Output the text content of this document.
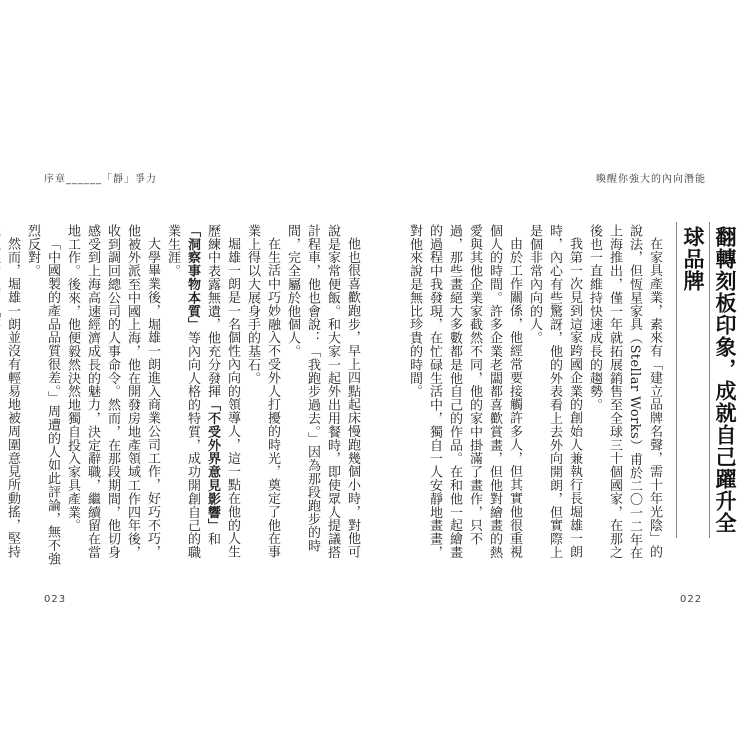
序章______「靜」爭力	喚醒你強大的內向潛能
翻轉刻板印象，成就自己躍升全球品牌

在家具產業，素來有「建立品牌名聲，需十年光陰」的說法，但恆星家具（Stellar Works）甫於二〇一二年在上海推出，僅一年就拓展銷售至全球三十個國家，在那之後也一直維持快速成長的趨勢。

我第一次見到這家跨國企業的創始人兼執行長堀雄一朗時，內心有些驚訝，他的外表看上去外向開朗，但實際上是個非常內向的人。

由於工作關係，他經常要接觸許多人，但其實他很重視個人的時間。許多企業老闆都喜歡賞畫，但他對繪畫的熱愛與其他企業家截然不同，他的家中掛滿了畫作，只不過，那些畫絕大多數都是他自己的作品。在和他一起繪畫的過程中我發現，在忙碌生活中，獨自一人安靜地畫畫，對他來說是無比珍貴的時間。

他也很喜歡跑步，早上四點起床慢跑幾個小時，對他可說是家常便飯。和大家一起外出用餐時，即使眾人提議搭計程車，他也會說：「我跑步過去。」因為那段跑步的時間，完全屬於他個人。

在生活中巧妙融入不受外人打擾的時光，奠定了他在事業上得以大展身手的基石。

堀雄一朗是一名個性內向的領導人，這一點在他的人生歷練中表露無遺，他充分發揮「不受外界意見影響」和「洞察事物本質」等內向人格的特質，成功開創自己的職業生涯。

大學畢業後，堀雄一朗進入商業公司工作，好巧不巧，他被外派至中國上海，他在開發房地產領域工作四年後，收到調回總公司的人事命令。然而，在那段期間，他切身感受到上海高速經濟成長的魅力，決定辭職，繼續留在當地工作。後來，他便毅然決然地獨自投入家具產業。

「中國製的產品品質很差。」周遭的人如此評論，無不強烈反對。

然而，堀雄一朗並沒有輕易地被周圍意見所動搖，堅持

023	022
